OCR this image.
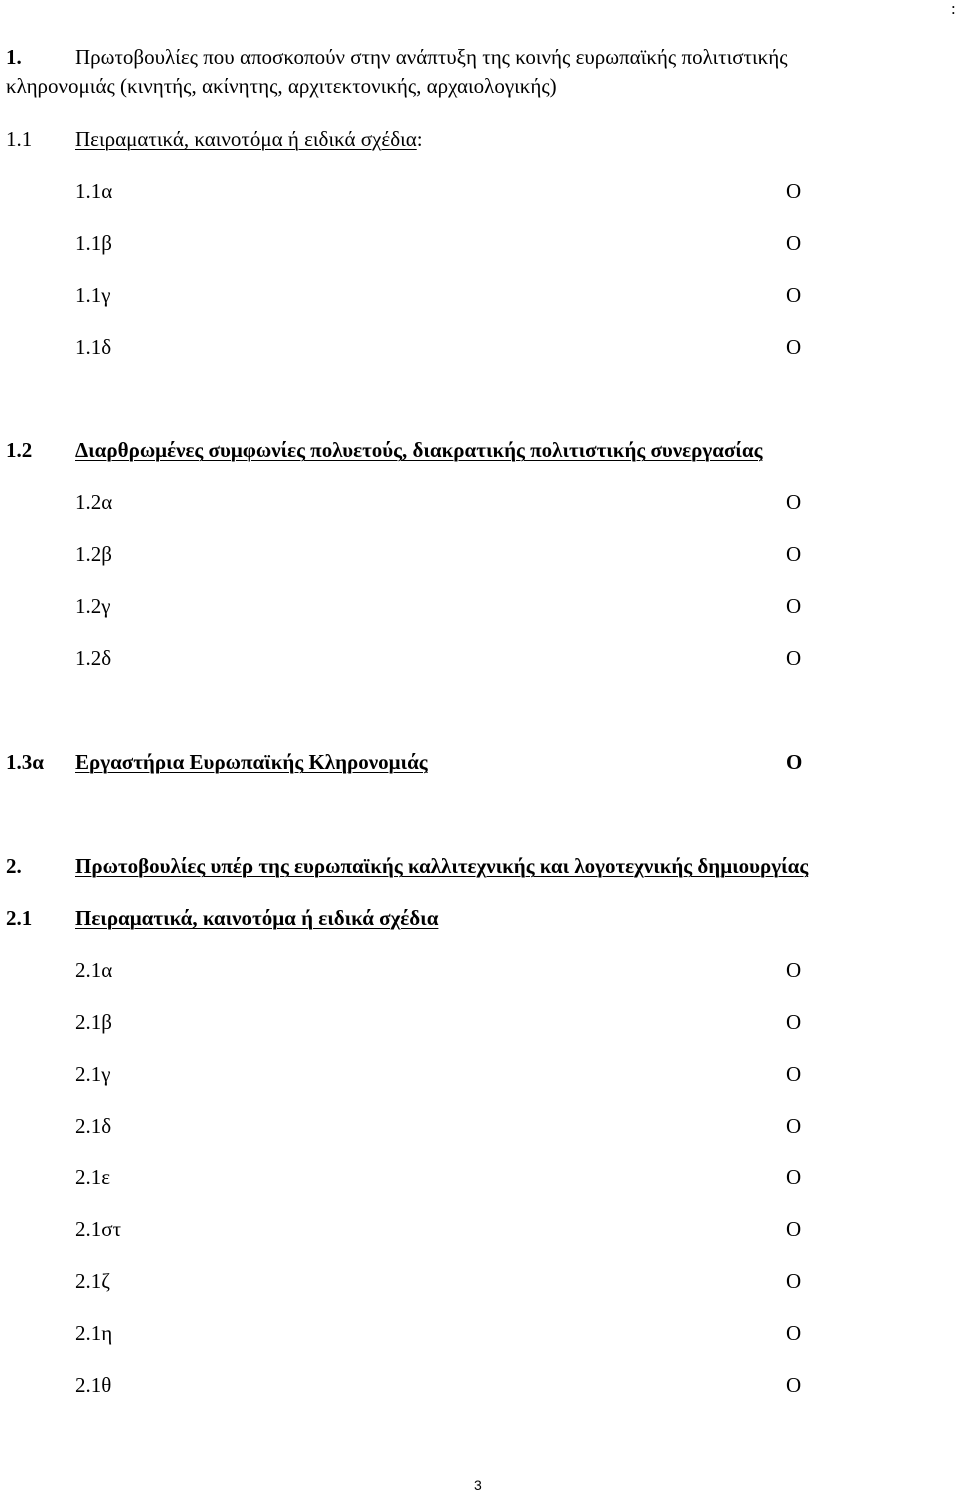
:
1.	Πρωτοβουλίες που αποσκοπούν στην ανάπτυξη της κοινής ευρωπαϊκής πολιτιστικής
κληρονομιάς (κινητής, ακίνητης, αρχιτεκτονικής, αρχαιολογικής)
1.1 Πειραματικά, καινοτόμα ή ειδικά σχέδια:
1.1α	O
1.1β	O
1.1γ	O
1.1δ	O
1.2 Διαρθρωμένες συμφωνίες πολυετούς, διακρατικής πολιτιστικής συνεργασίας
1.2α	O
1.2β	O
1.2γ	O
1.2δ	O
1.3α Εργαστήρια Ευρωπαϊκής Κληρονομιάς	O
2.	Πρωτοβουλίες υπέρ της ευρωπαϊκής καλλιτεχνικής και λογοτεχνικής δημιουργίας
2.1 Πειραματικά, καινοτόμα ή ειδικά σχέδια
2.1α	O
2.1β	O
2.1γ	O
2.1δ	O
2.1ε	O
2.1στ	O
2.1ζ	O
2.1η	O
2.1θ	O
3
